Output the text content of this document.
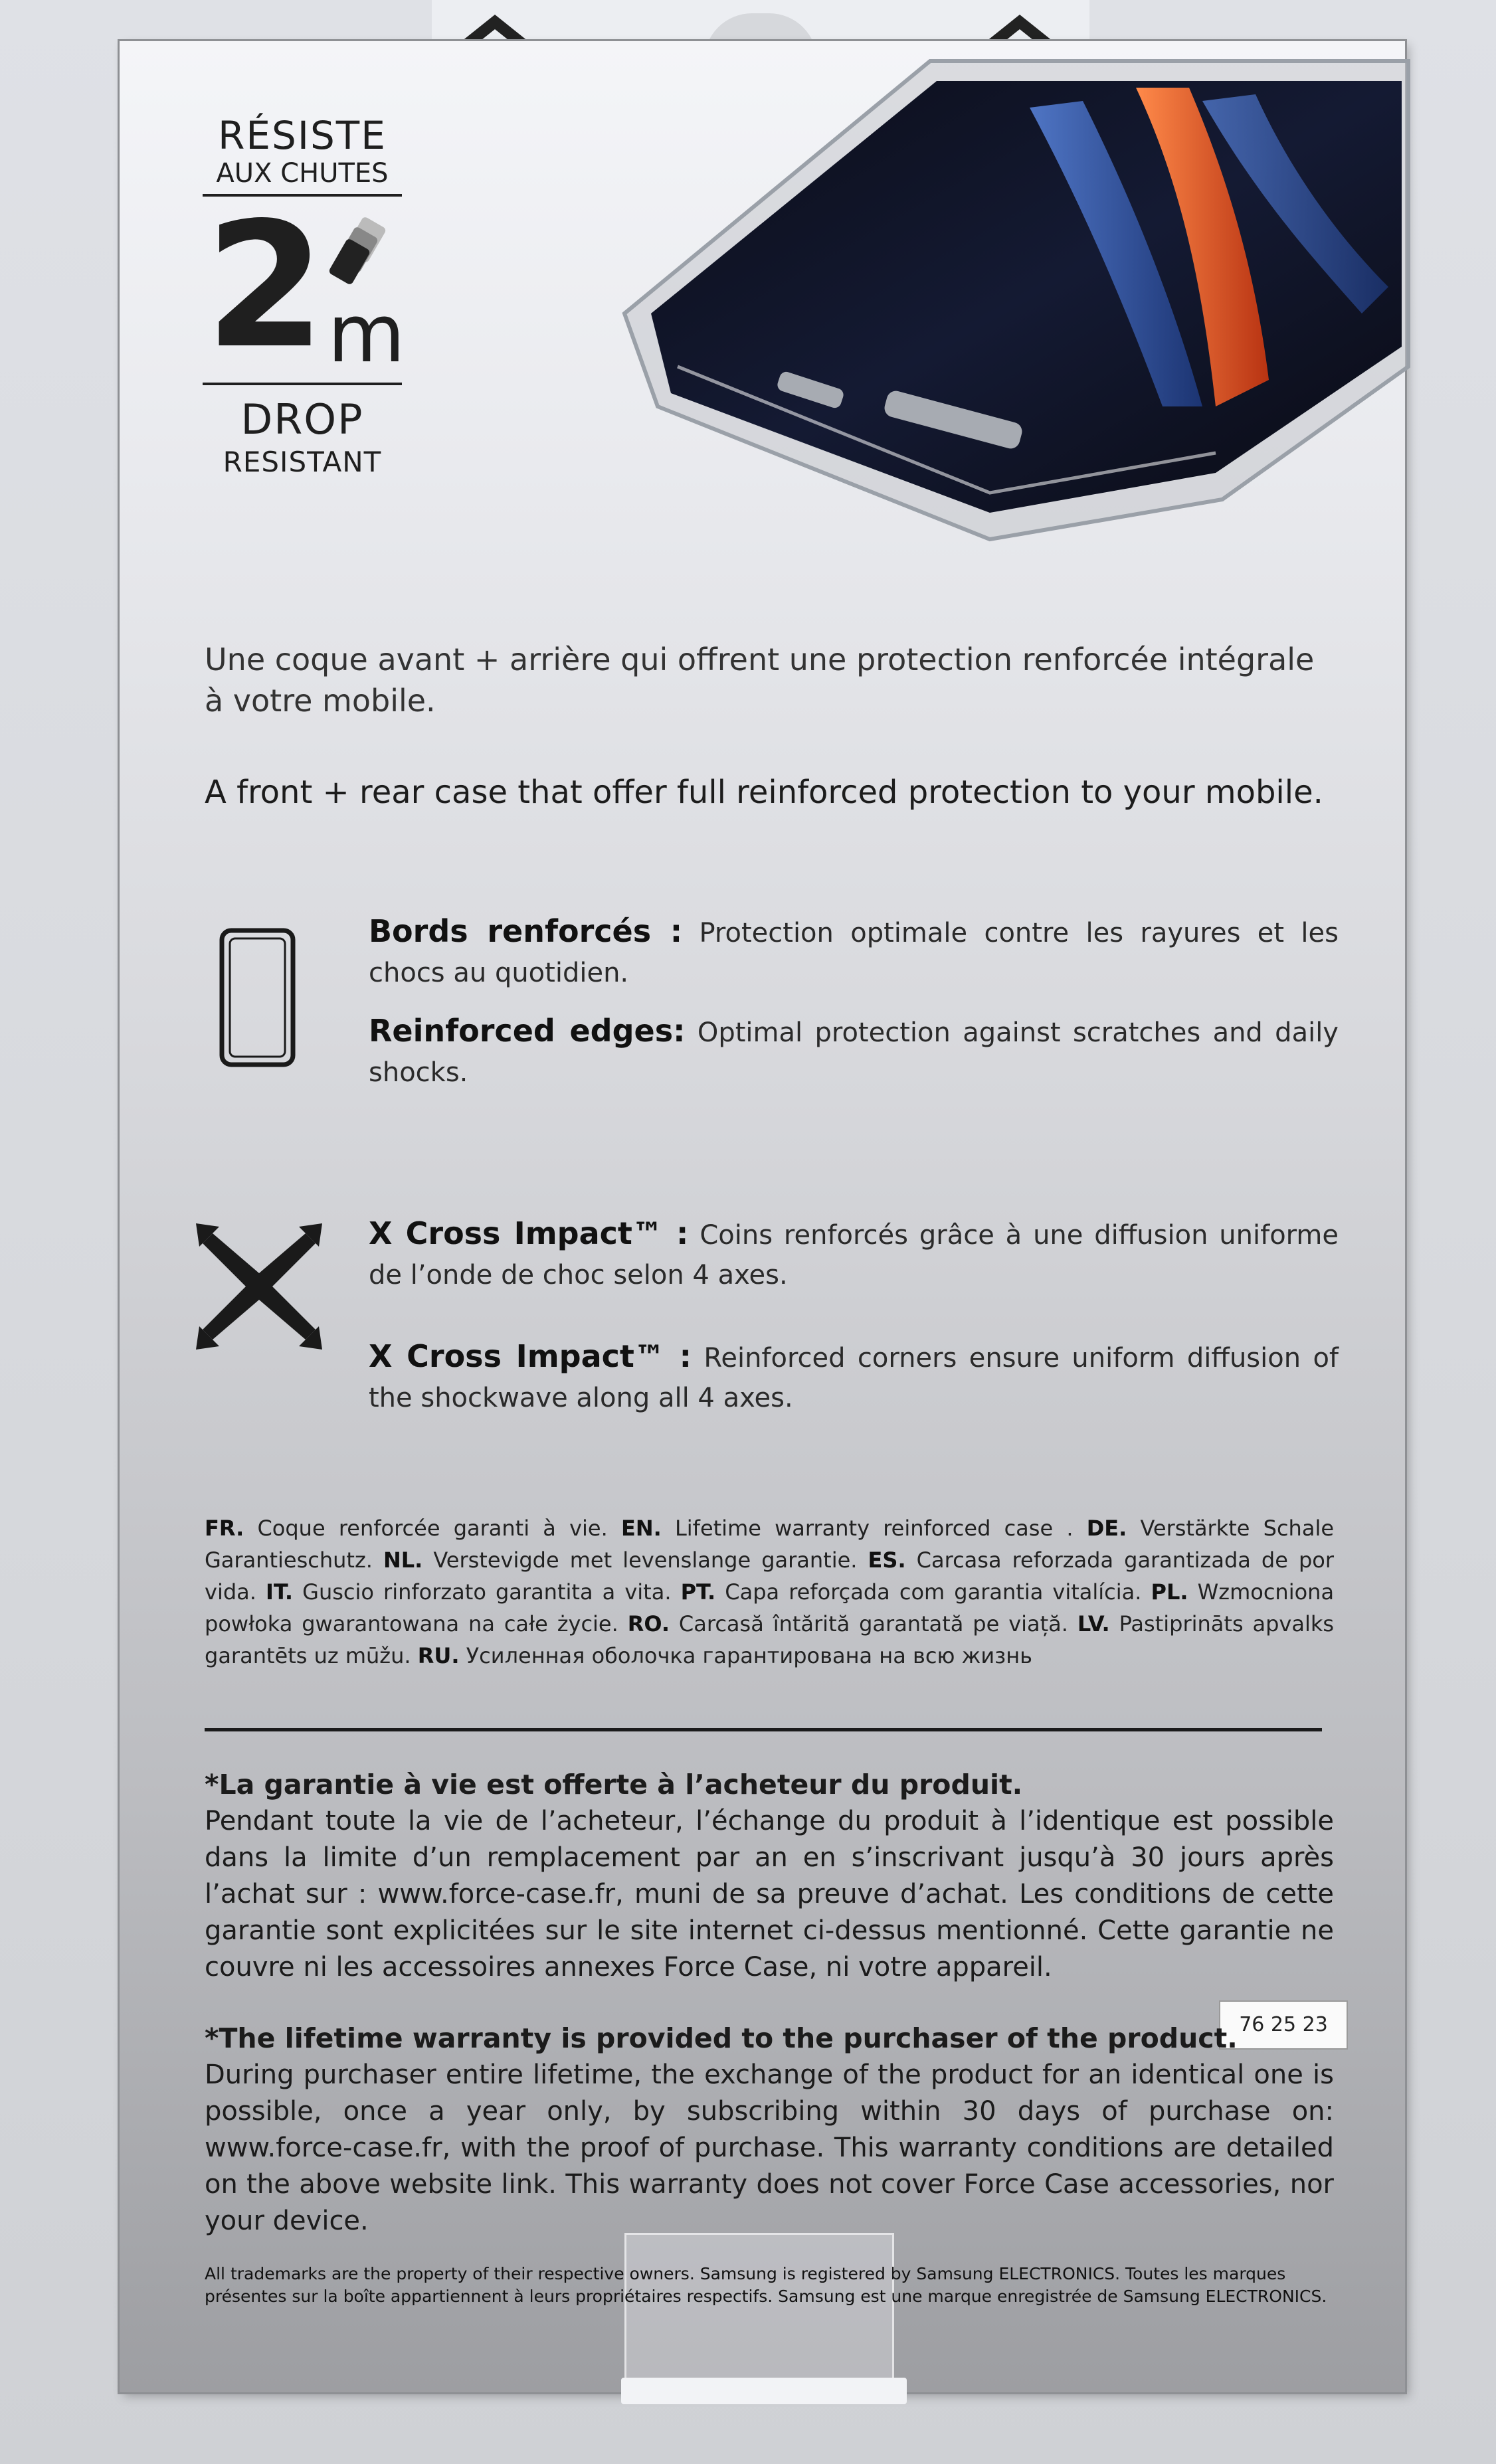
RÉSISTE
AUX CHUTES
2 m
DROP
RESISTANT
Une coque avant + arrière qui offrent une protection renforcée intégrale à votre mobile.
A front + rear case that offer full reinforced protection to your mobile.
Bords renforcés : Protection optimale contre les rayures et les chocs au quotidien.
Reinforced edges: Optimal protection against scratches and daily shocks.
X Cross Impact™ : Coins renforcés grâce à une diffusion uniforme de l’onde de choc selon 4 axes.
X Cross Impact™ : Reinforced corners ensure uniform diffusion of the shockwave along all 4 axes.
FR. Coque renforcée garanti à vie. EN. Lifetime warranty reinforced case . DE. Verstärkte Schale Garantieschutz. NL. Verstevigde met levenslange garantie. ES. Carcasa reforzada garantizada de por vida. IT. Guscio rinforzato garantita a vita. PT. Capa reforçada com garantia vitalícia. PL. Wzmocniona powłoka gwarantowana na całe życie. RO. Carcasă întărită garantată pe viață. LV. Pastiprināts apvalks garantēts uz mūžu. RU. Усиленная оболочка гарантирована на всю жизнь
*La garantie à vie est offerte à l’acheteur du produit.
Pendant toute la vie de l’acheteur, l’échange du produit à l’identique est possible dans la limite d’un remplacement par an en s’inscrivant jusqu’à 30 jours après l’achat sur : www.force-case.fr, muni de sa preuve d’achat. Les conditions de cette garantie sont explicitées sur le site internet ci-dessus mentionné. Cette garantie ne couvre ni les accessoires annexes Force Case, ni votre appareil.
76 25 23
*The lifetime warranty is provided to the purchaser of the product.
During purchaser entire lifetime, the exchange of the product for an identical one is possible, once a year only, by subscribing within 30 days of purchase on: www.force-case.fr, with the proof of purchase. This warranty conditions are detailed on the above website link. This warranty does not cover Force Case accessories, nor your device.
All trademarks are the property of their respective owners. Samsung is registered by Samsung ELECTRONICS. Toutes les marques présentes sur la boîte appartiennent à leurs propriétaires respectifs. Samsung est une marque enregistrée de Samsung ELECTRONICS.
